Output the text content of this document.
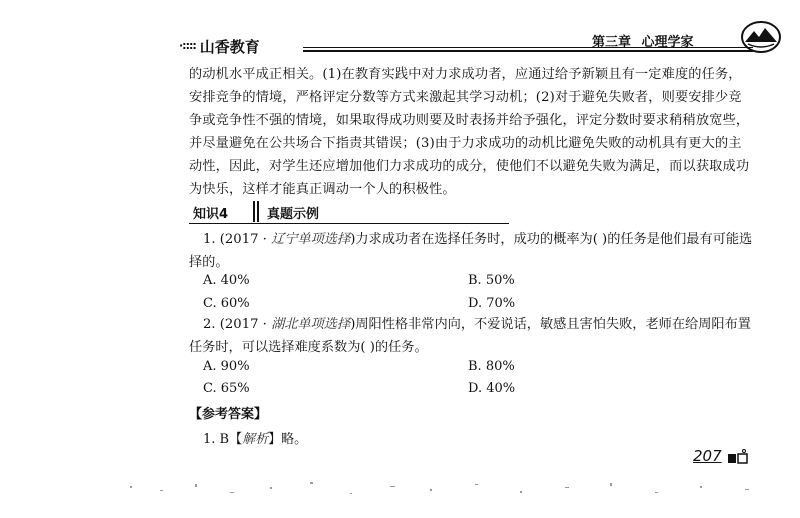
·:::: 山香教育	第三章 心理学家

的动机水平成正相关。(1)在教育实践中对力求成功者，应通过给予新颖且有一定难度的任务，安排竞争的情境，严格评定分数等方式来激起其学习动机；(2)对于避免失败者，则要安排少竞争或竞争性不强的情境，如果取得成功则要及时表扬并给予强化，评定分数时要求稍稍放宽些，并尽量避免在公共场合下指责其错误；(3)由于力求成功的动机比避免失败的动机具有更大的主动性，因此，对学生还应增加他们力求成功的成分，使他们不以避免失败为满足，而以获取成功为快乐，这样才能真正调动一个人的积极性。

知识4	真题示例
1. (2017 · 辽宁单项选择)力求成功者在选择任务时，成功的概率为( )的任务是他们最有可能选择的。
A. 40%	B. 50%
C. 60%	D. 70%
2. (2017 · 湖北单项选择)周阳性格非常内向，不爱说话，敏感且害怕失败，老师在给周阳布置任务时，可以选择难度系数为( )的任务。
A. 90%	B. 80%
C. 65%	D. 40%
【参考答案】
1. B【解析】略。
207
